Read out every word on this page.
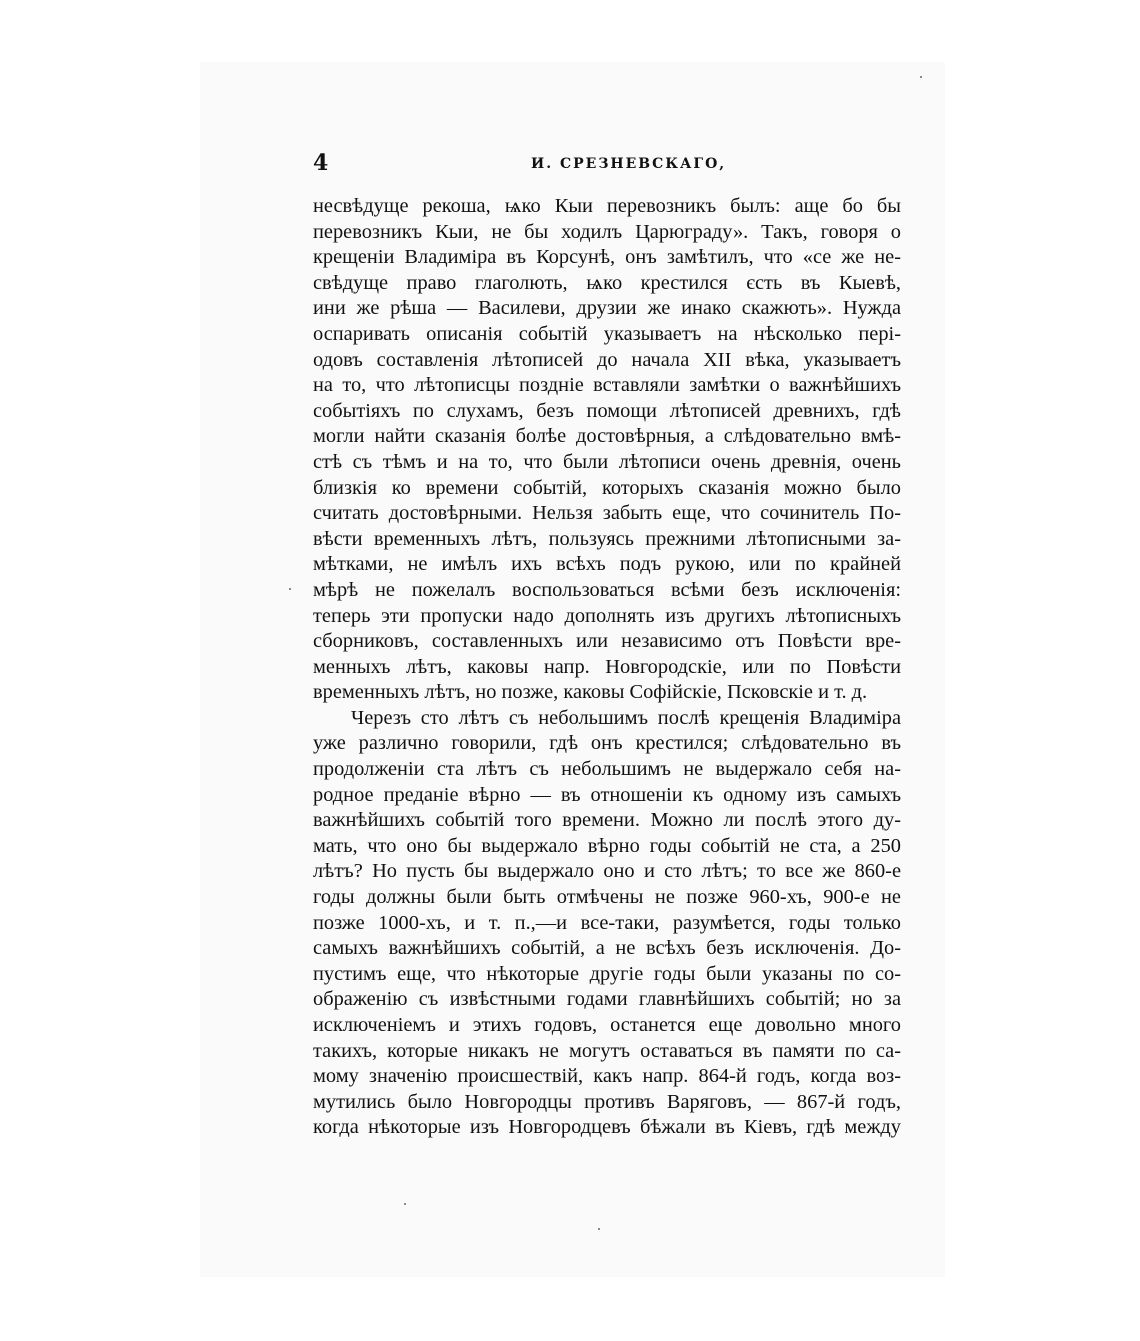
4	И. СРЕЗНЕВСКАГО,
несвѣдуще рекоша, ѩко Кыи перевозникъ былъ: аще бо бы
перевозникъ Кыи, не бы ходилъ Царюграду». Такъ, говоря о
крещеніи Владиміра въ Корсунѣ, онъ замѣтилъ, что «се же не-
свѣдуще право глаголють, ѩко крестился єсть въ Кыевѣ,
ини же рѣша — Василеви, друзии же инако скажють». Нужда
оспаривать описанія событій указываетъ на нѣсколько пері-
одовъ составленія лѣтописей до начала XII вѣка, указываетъ
на то, что лѣтописцы поздніе вставляли замѣтки о важнѣйшихъ
событіяхъ по слухамъ, безъ помощи лѣтописей древнихъ, гдѣ
могли найти сказанія болѣе достовѣрныя, а слѣдовательно вмѣ-
стѣ съ тѣмъ и на то, что были лѣтописи очень древнія, очень
близкія ко времени событій, которыхъ сказанія можно было
считать достовѣрными. Нельзя забыть еще, что сочинитель По-
вѣсти временныхъ лѣтъ, пользуясь прежними лѣтописными за-
мѣтками, не имѣлъ ихъ всѣхъ подъ рукою, или по крайней
мѣрѣ не пожелалъ воспользоваться всѣми безъ исключенія:
теперь эти пропуски надо дополнять изъ другихъ лѣтописныхъ
сборниковъ, составленныхъ или независимо отъ Повѣсти вре-
менныхъ лѣтъ, каковы напр. Новгородскіе, или по Повѣсти
временныхъ лѣтъ, но позже, каковы Софійскіе, Псковскіе и т. д.
Черезъ сто лѣтъ съ небольшимъ послѣ крещенія Владиміра
уже различно говорили, гдѣ онъ крестился; слѣдовательно въ
продолженіи ста лѣтъ съ небольшимъ не выдержало себя на-
родное преданіе вѣрно — въ отношеніи къ одному изъ самыхъ
важнѣйшихъ событій того времени. Можно ли послѣ этого ду-
мать, что оно бы выдержало вѣрно годы событій не ста, а 250
лѣтъ? Но пусть бы выдержало оно и сто лѣтъ; то все же 860-е
годы должны были быть отмѣчены не позже 960-хъ, 900-е не
позже 1000-хъ, и т. п.,—и все-таки, разумѣется, годы только
самыхъ важнѣйшихъ событій, а не всѣхъ безъ исключенія. До-
пустимъ еще, что нѣкоторые другіе годы были указаны по со-
ображенію съ извѣстными годами главнѣйшихъ событій; но за
исключеніемъ и этихъ годовъ, останется еще довольно много
такихъ, которые никакъ не могутъ оставаться въ памяти по са-
мому значенію происшествій, какъ напр. 864-й годъ, когда воз-
мутились было Новгородцы противъ Варяговъ, — 867-й годъ,
когда нѣкоторые изъ Новгородцевъ бѣжали въ Кіевъ, гдѣ между
